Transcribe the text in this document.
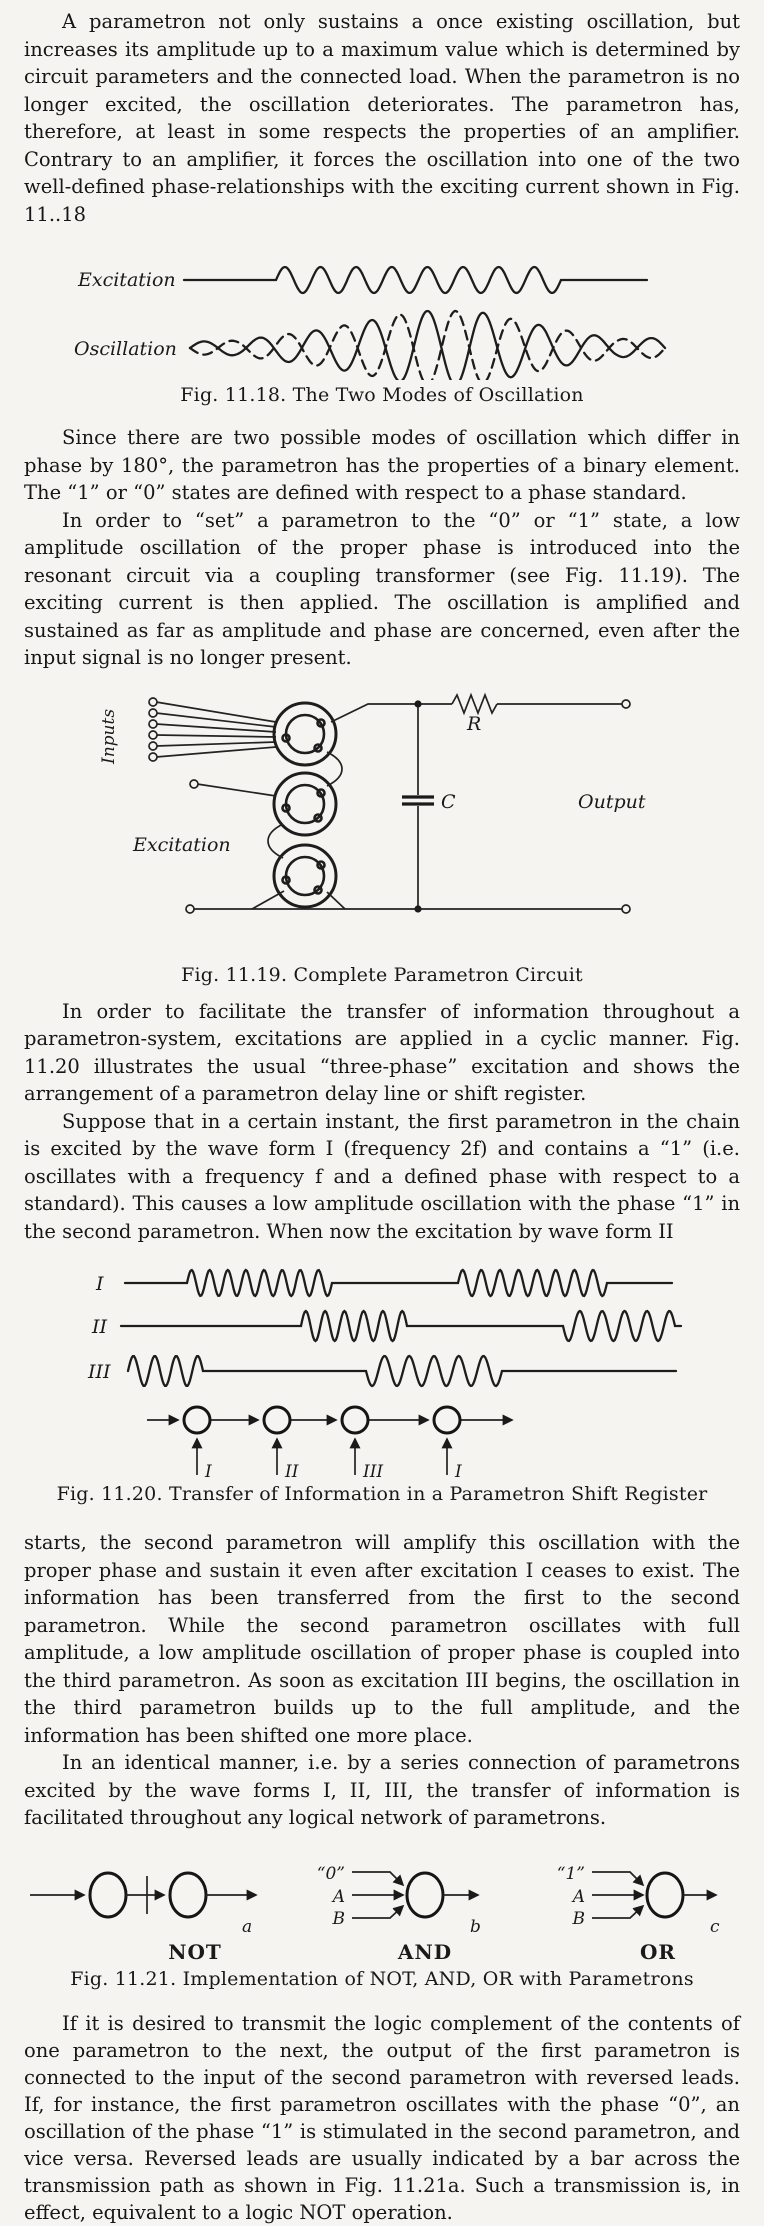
A parametron not only sustains a once existing oscillation, but increases its amplitude up to a maximum value which is determined by circuit parameters and the connected load. When the parametron is no longer excited, the oscillation deteriorates. The parametron has, therefore, at least in some respects the properties of an amplifier. Contrary to an amplifier, it forces the oscillation into one of the two well-defined phase-relationships with the exciting current shown in Fig. 11..18

Excitation
Oscillation
Fig. 11.18. The Two Modes of Oscillation

Since there are two possible modes of oscillation which differ in phase by 180°, the parametron has the properties of a binary element. The “1” or “0” states are defined with respect to a phase standard.

In order to “set” a parametron to the “0” or “1” state, a low amplitude oscillation of the proper phase is introduced into the resonant circuit via a coupling transformer (see Fig. 11.19). The exciting current is then applied. The oscillation is amplified and sustained as far as amplitude and phase are concerned, even after the input signal is no longer present.

Inputs
Excitation
R
C	Output
Fig. 11.19. Complete Parametron Circuit

In order to facilitate the transfer of information throughout a parametron-system, excitations are applied in a cyclic manner. Fig. 11.20 illustrates the usual “three-phase” excitation and shows the arrangement of a parametron delay line or shift register.

Suppose that in a certain instant, the first parametron in the chain is excited by the wave form I (frequency 2f) and contains a “1” (i.e. oscillates with a frequency f and a defined phase with respect to a standard). This causes a low amplitude oscillation with the phase “1” in the second parametron. When now the excitation by wave form II

I
II
III
I	II	III	I
Fig. 11.20. Transfer of Information in a Parametron Shift Register

starts, the second parametron will amplify this oscillation with the proper phase and sustain it even after excitation I ceases to exist. The information has been transferred from the first to the second parametron. While the second parametron oscillates with full amplitude, a low amplitude oscillation of proper phase is coupled into the third parametron. As soon as excitation III begins, the oscillation in the third parametron builds up to the full amplitude, and the information has been shifted one more place.

In an identical manner, i.e. by a series connection of parametrons excited by the wave forms I, II, III, the transfer of information is facilitated throughout any logical network of parametrons.

a
“0”
A
B	b
“1”
A
B	c
NOT	AND	OR
Fig. 11.21. Implementation of NOT, AND, OR with Parametrons

If it is desired to transmit the logic complement of the contents of one parametron to the next, the output of the first parametron is connected to the input of the second parametron with reversed leads. If, for instance, the first parametron oscillates with the phase “0”, an oscillation of the phase “1” is stimulated in the second parametron, and vice versa. Reversed leads are usually indicated by a bar across the transmission path as shown in Fig. 11.21a. Such a transmission is, in effect, equivalent to a logic NOT operation.
